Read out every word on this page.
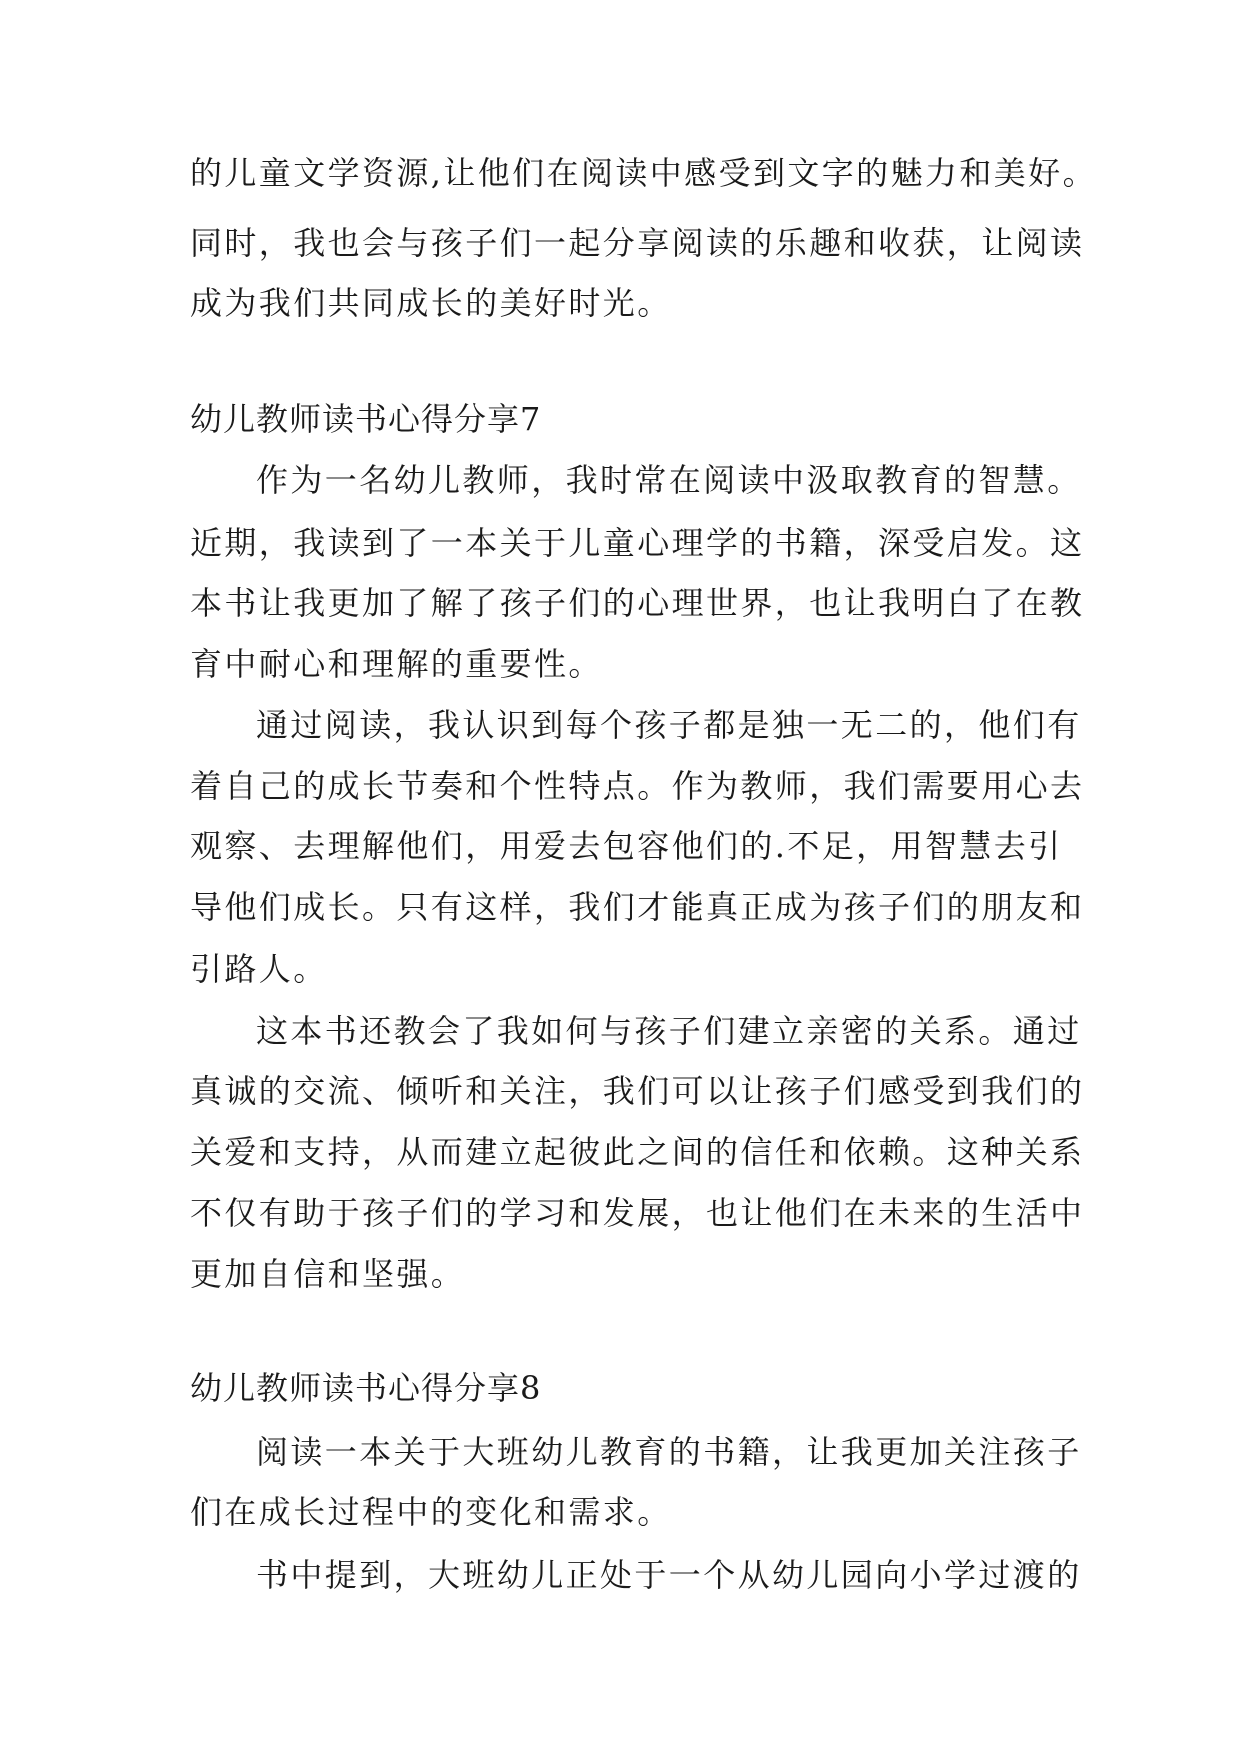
的儿童文学资源,让他们在阅读中感受到文字的魅力和美好。
同时，我也会与孩子们一起分享阅读的乐趣和收获，让阅读
成为我们共同成长的美好时光。
幼儿教师读书心得分享7
作为一名幼儿教师，我时常在阅读中汲取教育的智慧。
近期，我读到了一本关于儿童心理学的书籍，深受启发。这
本书让我更加了解了孩子们的心理世界，也让我明白了在教
育中耐心和理解的重要性。
通过阅读，我认识到每个孩子都是独一无二的，他们有
着自己的成长节奏和个性特点。作为教师，我们需要用心去
观察、去理解他们，用爱去包容他们的.不足，用智慧去引
导他们成长。只有这样，我们才能真正成为孩子们的朋友和
引路人。
这本书还教会了我如何与孩子们建立亲密的关系。通过
真诚的交流、倾听和关注，我们可以让孩子们感受到我们的
关爱和支持，从而建立起彼此之间的信任和依赖。这种关系
不仅有助于孩子们的学习和发展，也让他们在未来的生活中
更加自信和坚强。
幼儿教师读书心得分享8
阅读一本关于大班幼儿教育的书籍，让我更加关注孩子
们在成长过程中的变化和需求。
书中提到，大班幼儿正处于一个从幼儿园向小学过渡的
